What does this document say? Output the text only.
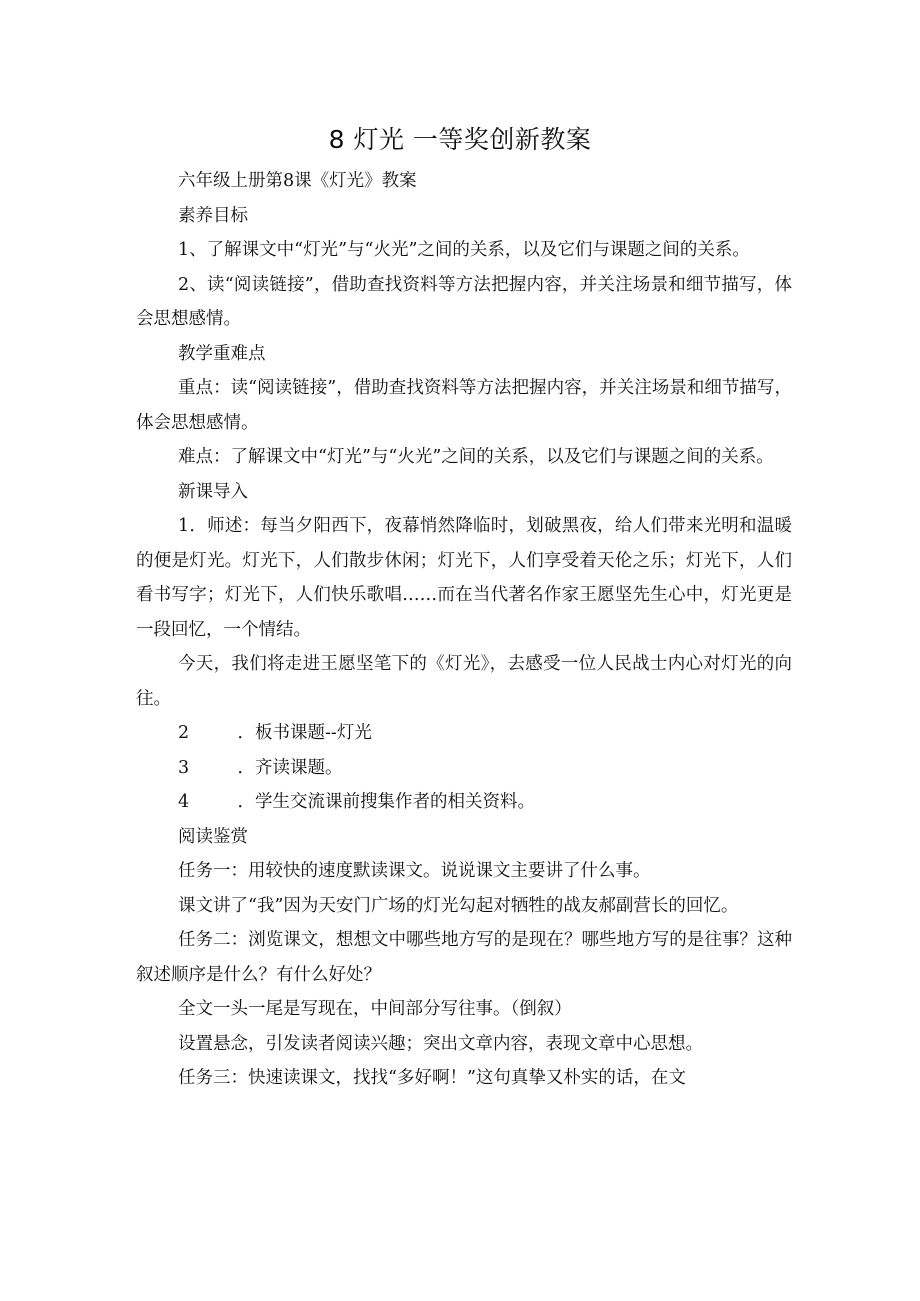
8 灯光 一等奖创新教案

六年级上册第8课《灯光》教案

素养目标

1、了解课文中“灯光”与“火光”之间的关系，以及它们与课题之间的关系。

2、读“阅读链接”，借助查找资料等方法把握内容，并关注场景和细节描写，体会思想感情。

教学重难点

重点：读“阅读链接”，借助查找资料等方法把握内容，并关注场景和细节描写，体会思想感情。

难点：了解课文中“灯光”与“火光”之间的关系，以及它们与课题之间的关系。

新课导入

1．师述：每当夕阳西下，夜幕悄然降临时，划破黑夜，给人们带来光明和温暖的便是灯光。灯光下，人们散步休闲；灯光下，人们享受着天伦之乐；灯光下，人们看书写字；灯光下，人们快乐歌唱……而在当代著名作家王愿坚先生心中，灯光更是一段回忆，一个情结。

今天，我们将走进王愿坚笔下的《灯光》，去感受一位人民战士内心对灯光的向往。

2	．板书课题--灯光

3	．齐读课题。

4	．学生交流课前搜集作者的相关资料。

阅读鉴赏

任务一：用较快的速度默读课文。说说课文主要讲了什么事。

课文讲了“我”因为天安门广场的灯光勾起对牺牲的战友郝副营长的回忆。

任务二：浏览课文，想想文中哪些地方写的是现在？哪些地方写的是往事？这种叙述顺序是什么？有什么好处？

全文一头一尾是写现在，中间部分写往事。（倒叙）

设置悬念，引发读者阅读兴趣；突出文章内容，表现文章中心思想。

任务三：快速读课文，找找“多好啊！”这句真挚又朴实的话，在文
